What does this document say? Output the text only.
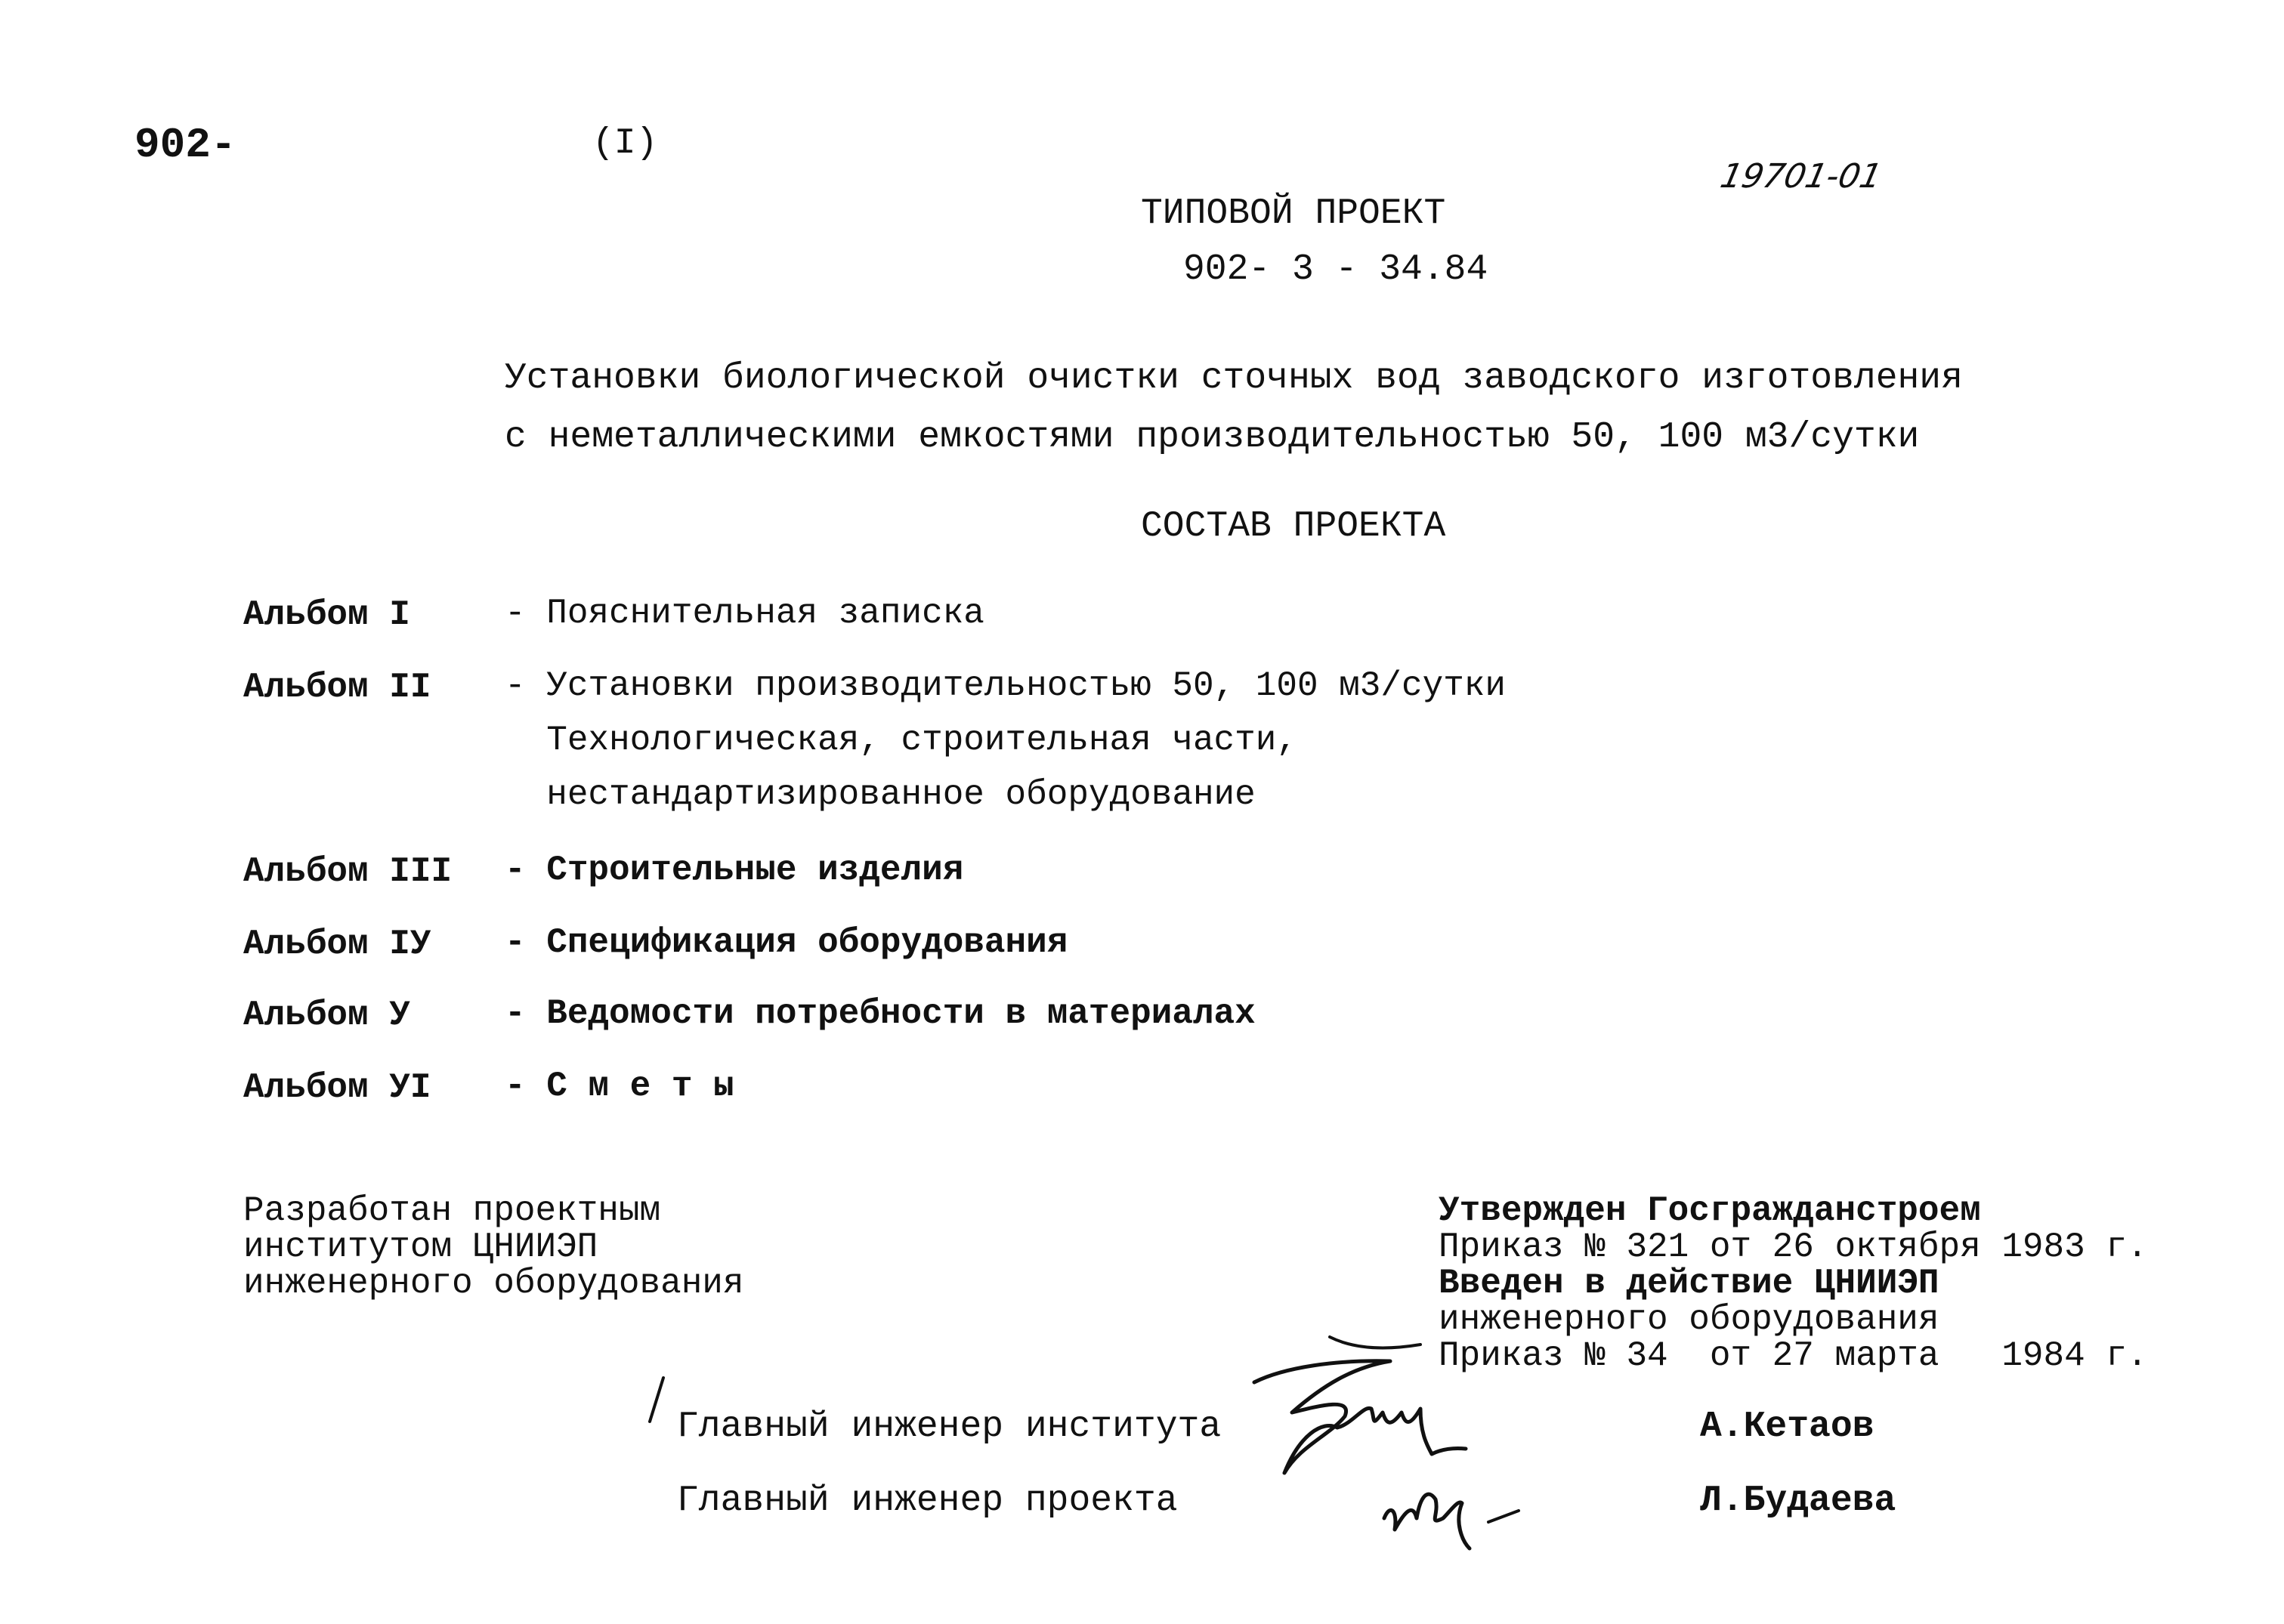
902-	(I)
19701-01
ТИПОВОЙ ПРОЕКТ
902- 3 - 34.84
Установки биологической очистки сточных вод заводского изготовления
с неметаллическими емкостями производительностью 50, 100 м3/сутки
СОСТАВ ПРОЕКТА
Альбом I	- Пояснительная записка
Альбом II - Установки производительностью 50, 100 м3/сутки
Технологическая, строительная части,
нестандартизированное оборудование
Альбом III - Строительные изделия
Альбом IУ - Спецификация оборудования
Альбом У	- Ведомости потребности в материалах
Альбом УI - С м е т ы
Разработан проектным
институтом ЦНИИЭП
инженерного оборудования
Утвержден Госгражданстроем
Приказ № 321 от 26 октября 1983 г.
Введен в действие ЦНИИЭП
инженерного оборудования
Приказ № 34  от 27 марта   1984 г.
Главный инженер института	А.Кетаов
Главный инженер проекта	Л.Будаева
